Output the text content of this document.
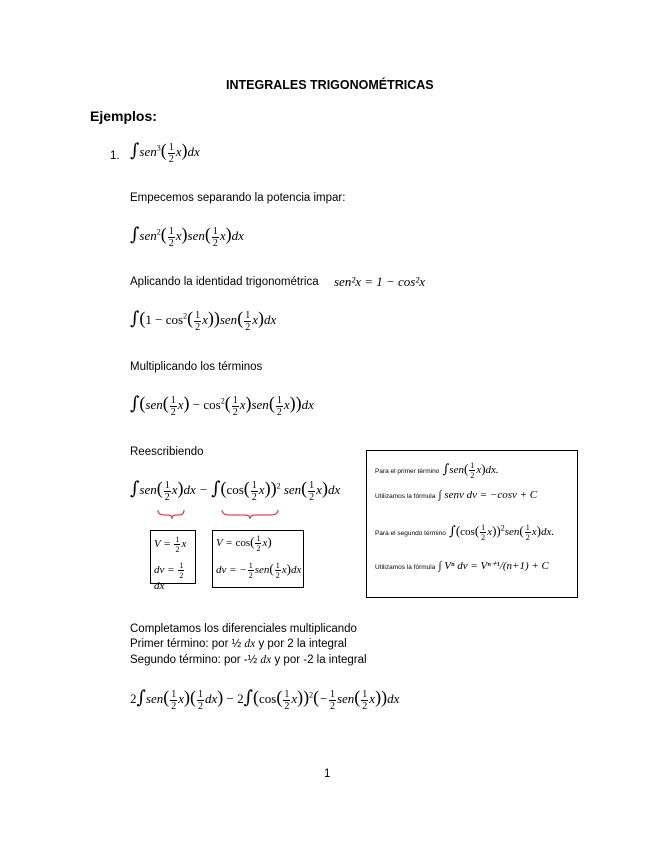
INTEGRALES TRIGONOMÉTRICAS
Ejemplos:
1. $\int sen^3( \frac{1}{2} x)dx$
Empecemos separando la potencia impar:
$\int sen^2( \frac{1}{2} x)sen( \frac{1}{2} x)dx$
Aplicando la identidad trigonométrica sen²x = 1 − cos²x
$\int(1 - \cos^2( \frac{1}{2} x))sen( \frac{1}{2} x)dx$
Multiplicando los términos
$\int(sen( \frac{1}{2} x) - \cos^2( \frac{1}{2} x)sen( \frac{1}{2} x))dx$
Reescribiendo
$\int sen( \frac{1}{2} x)dx - \int(\cos( \frac{1}{2} x))^2$ $sen( \frac{1}{2} x)dx$
$V = \frac{1}{2}$ x
dv = $\frac{1}{2}$
dx
$V = \cos( \frac{1}{2} x)$
dv = − $\frac{1}{2} sen( \frac{1}{2} x)dx$
Para el primer término $\int sen( \frac{1}{2} x)dx$.
Utilizamos la fórmula ∫ senv dv = −cosv + C
Para el segundo término $\int(\cos( \frac{1}{2} x))^2sen( \frac{1}{2} x)dx$.
Utilizamos la fórmula ∫ Vⁿ dv = Vⁿ⁺¹/(n+1) + C
Completamos los diferenciales multiplicando
Primer término: por ½ dx y por 2 la integral
Segundo término: por -½ dx y por -2 la integral
$2\int sen( \frac{1}{2} x)( \frac{1}{2} dx) - 2\int(\cos( \frac{1}{2} x))^2(- \frac{1}{2} sen( \frac{1}{2} x))dx$
1
